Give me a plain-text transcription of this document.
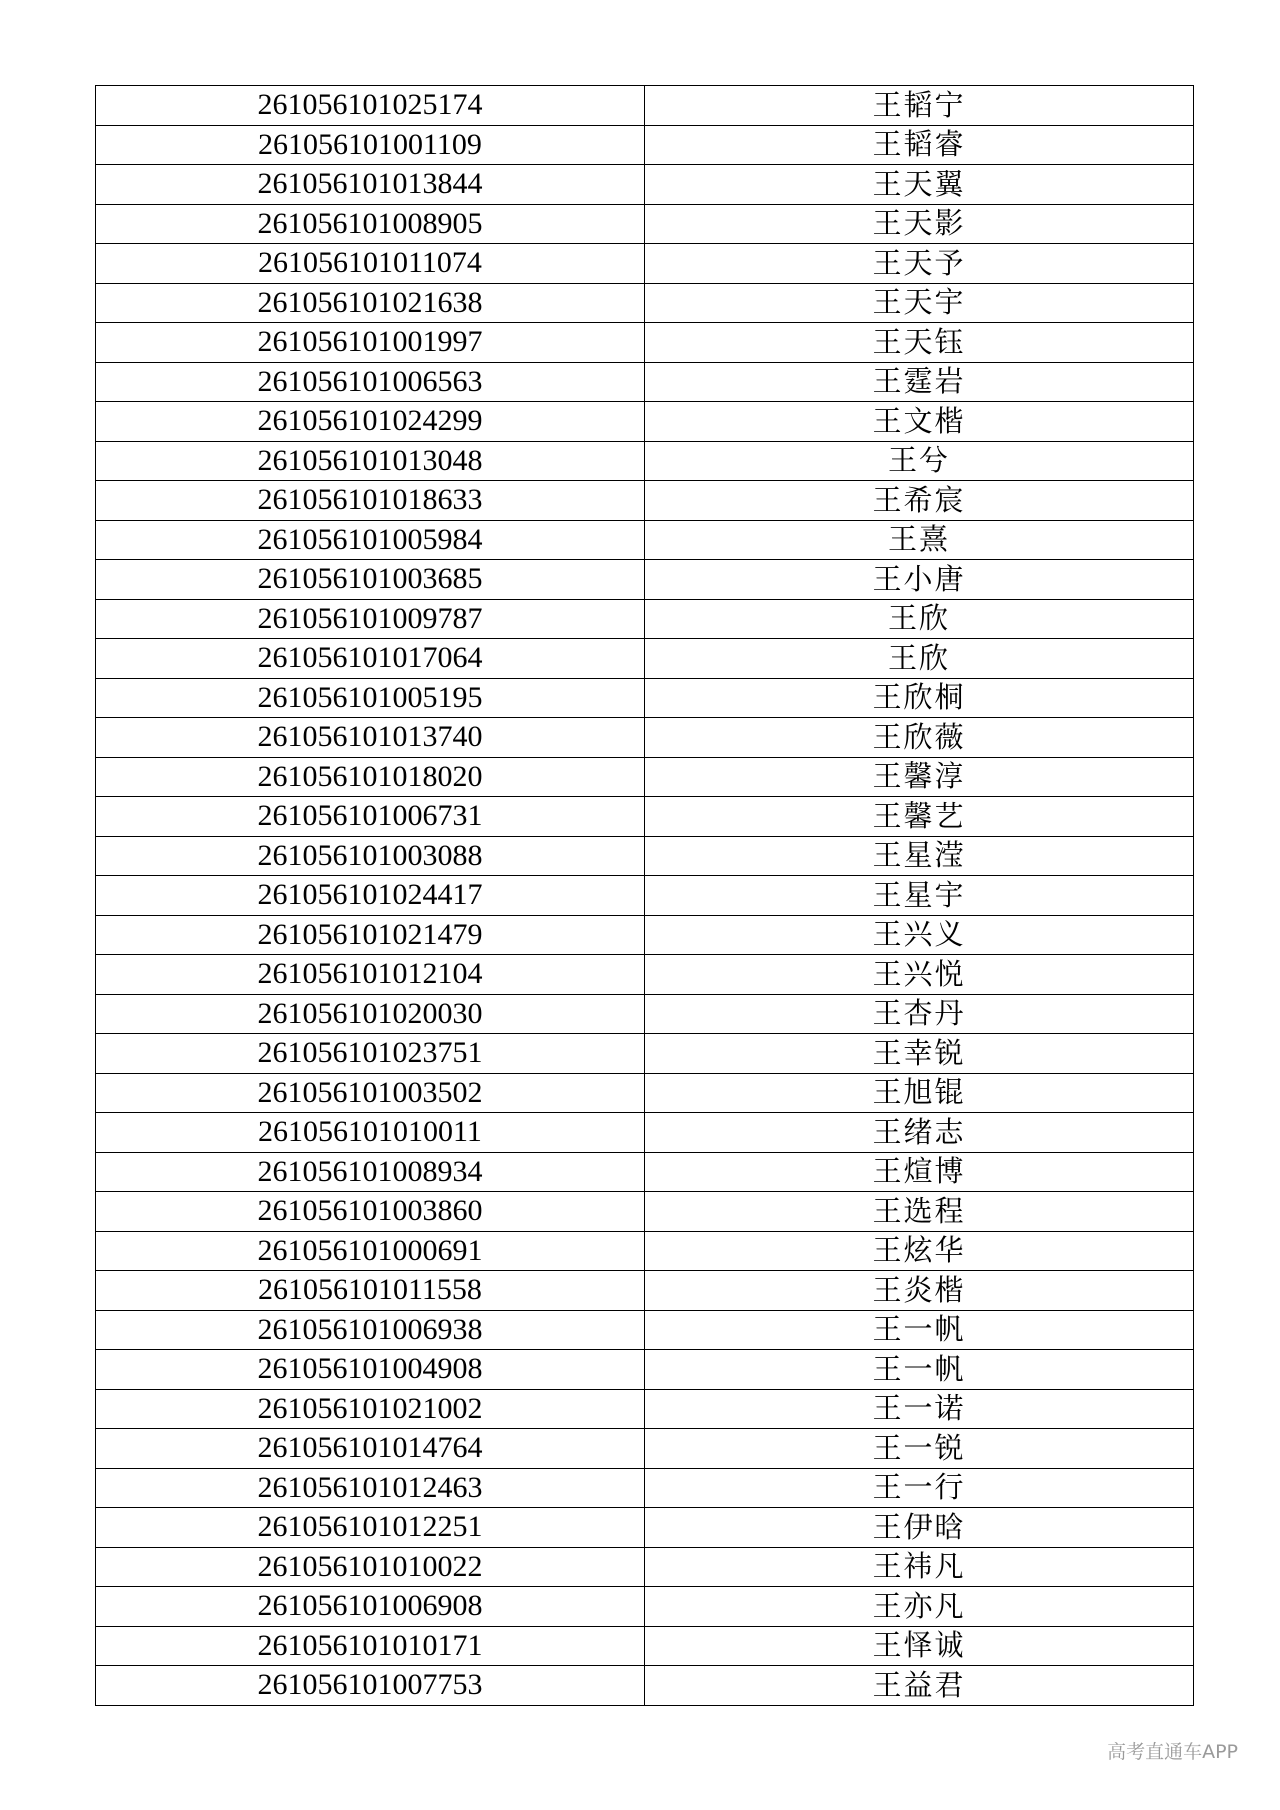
261056101025174	王韬宁
261056101001109	王韬睿
261056101013844	王天翼
261056101008905	王天影
261056101011074	王天予
261056101021638	王天宇
261056101001997	王天钰
261056101006563	王霆岩
261056101024299	王文楷
261056101013048	王兮
261056101018633	王希宸
261056101005984	王熹
261056101003685	王小唐
261056101009787	王欣
261056101017064	王欣
261056101005195	王欣桐
261056101013740	王欣薇
261056101018020	王馨淳
261056101006731	王馨艺
261056101003088	王星滢
261056101024417	王星宇
261056101021479	王兴义
261056101012104	王兴悦
261056101020030	王杏丹
261056101023751	王幸锐
261056101003502	王旭锟
261056101010011	王绪志
261056101008934	王煊博
261056101003860	王选程
261056101000691	王炫华
261056101011558	王炎楷
261056101006938	王一帆
261056101004908	王一帆
261056101021002	王一诺
261056101014764	王一锐
261056101012463	王一行
261056101012251	王伊晗
261056101010022	王祎凡
261056101006908	王亦凡
261056101010171	王怿诚
261056101007753	王益君
高考直通车APP
